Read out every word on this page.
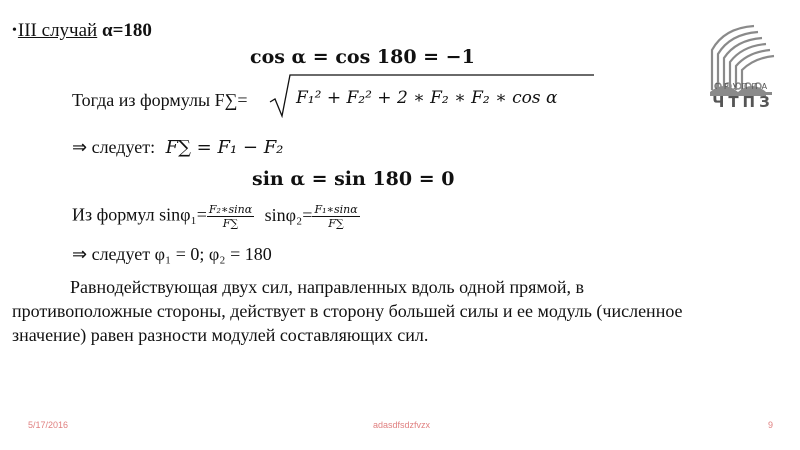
•III случай α=180
cos α = cos 180 = −1
Тогда из формулы F∑=	F₁² + F₂² + 2 ∗ F₂ ∗ F₂ ∗ cos α
⇒ следует: F∑ = F₁ − F₂
sin α = sin 180 = 0
Из формул $\sin\varphi_1= \frac{\text{F₂∗sinα}}{F\sum} \sin\varphi_2= \frac{\text{F₁∗sinα}}{F\sum}$
⇒ следует φ₁ = 0; φ₂ = 180
Равнодействующая двух сил, направленных вдоль одной прямой, в противоположные стороны, действует в сторону большей силы и ее модуль (численное значение) равен разности модулей составляющих сил.
ГРУППА
ЧТПЗ
5/17/2016	adasdfsdzfvzx	9
